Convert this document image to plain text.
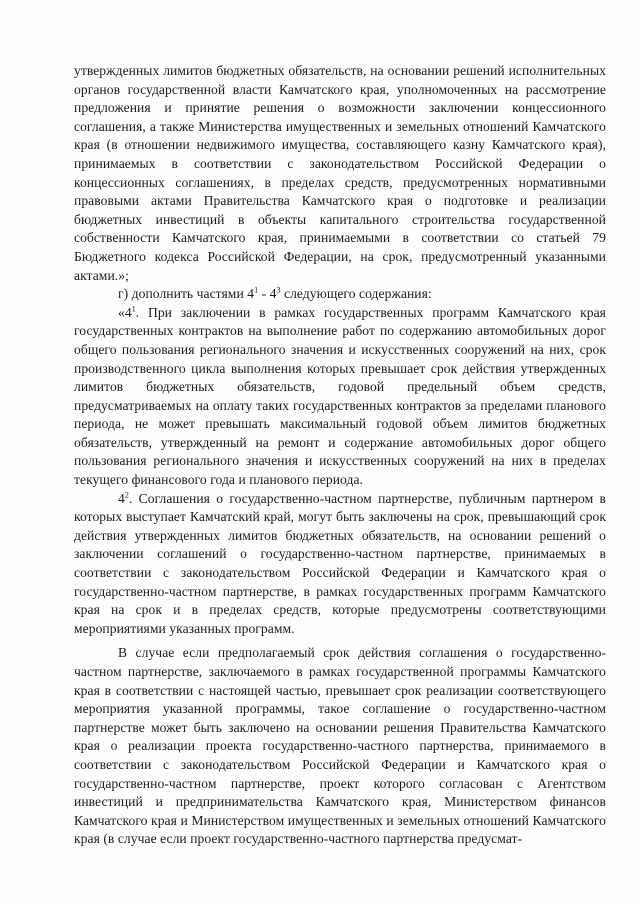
·
·

утвержденных лимитов бюджетных обязательств, на основании решений исполнительных органов государственной власти Камчатского края, уполномоченных на рассмотрение предложения и принятие решения о возможности заключении концессионного соглашения, а также Министерства имущественных и земельных отношений Камчатского края (в отношении недвижимого имущества, составляющего казну Камчатского края), принимаемых в соответствии с законодательством Российской Федерации о концессионных соглашениях, в пределах средств, предусмотренных нормативными правовыми актами Правительства Камчатского края о подготовке и реализации бюджетных инвестиций в объекты капитального строительства государственной собственности Камчатского края, принимаемыми в соответствии со статьей 79 Бюджетного кодекса Российской Федерации, на срок, предусмотренный указанными актами.»;

г) дополнить частями $4^1 - 4^3$ следующего содержания:

«$4^1$. При заключении в рамках государственных программ Камчатского края государственных контрактов на выполнение работ по содержанию автомобильных дорог общего пользования регионального значения и искусственных сооружений на них, срок производственного цикла выполнения которых превышает срок действия утвержденных лимитов бюджетных обязательств, годовой предельный объем средств, предусматриваемых на оплату таких государственных контрактов за пределами планового периода, не может превышать максимальный годовой объем лимитов бюджетных обязательств, утвержденный на ремонт и содержание автомобильных дорог общего пользования регионального значения и искусственных сооружений на них в пределах текущего финансового года и планового периода.

$4^2$. Соглашения о государственно-частном партнерстве, публичным партнером в которых выступает Камчатский край, могут быть заключены на срок, превышающий срок действия утвержденных лимитов бюджетных обязательств, на основании решений о заключении соглашений о государственно-частном партнерстве, принимаемых в соответствии с законодательством Российской Федерации и Камчатского края о государственно-частном партнерстве, в рамках государственных программ Камчатского края на срок и в пределах средств, которые предусмотрены соответствующими мероприятиями указанных программ.

В случае если предполагаемый срок действия соглашения о государственно-частном партнерстве, заключаемого в рамках государственной программы Камчатского края в соответствии с настоящей частью, превышает срок реализации соответствующего мероприятия указанной программы, такое соглашение о государственно-частном партнерстве может быть заключено на основании решения Правительства Камчатского края о реализации проекта государственно-частного партнерства, принимаемого в соответствии с законодательством Российской Федерации и Камчатского края о государственно-частном партнерстве, проект которого согласован с Агентством инвестиций и предпринимательства Камчатского края, Министерством финансов Камчатского края и Министерством имущественных и земельных отношений Камчатского края (в случае если проект государственно-частного партнерства предусмат-
